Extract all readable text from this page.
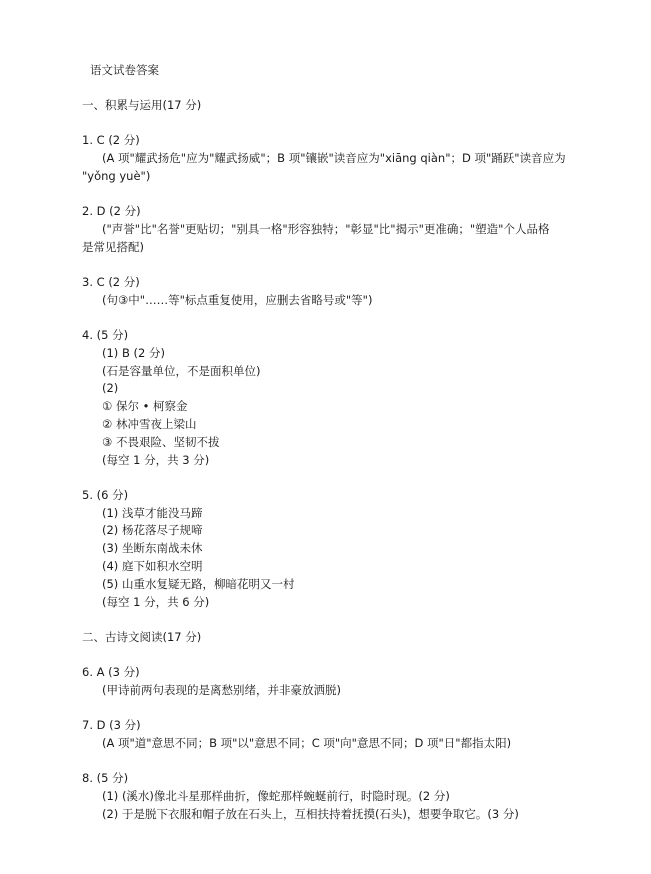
语文试卷答案
一、积累与运用(17 分)
1. C (2 分)
(A 项"耀武扬危"应为"耀武扬威"；B 项"镶嵌"读音应为"xiāng qiàn"；D 项"踊跃"读音应为
"yǒng yuè")
2. D (2 分)
("声誉"比"名誉"更贴切；"别具一格"形容独特；"彰显"比"揭示"更准确；"塑造"个人品格
是常见搭配)
3. C (2 分)
(句③中"……等"标点重复使用，应删去省略号或"等")
4. (5 分)
(1) B (2 分)
(石是容量单位，不是面积单位)
(2)
① 保尔 • 柯察金
② 林冲雪夜上梁山
③ 不畏艰险、坚韧不拔
(每空 1 分，共 3 分)
5. (6 分)
(1) 浅草才能没马蹄
(2) 杨花落尽子规啼
(3) 坐断东南战未休
(4) 庭下如积水空明
(5) 山重水复疑无路，柳暗花明又一村
(每空 1 分，共 6 分)
二、古诗文阅读(17 分)
6. A (3 分)
(甲诗前两句表现的是离愁别绪，并非豪放洒脱)
7. D (3 分)
(A 项"道"意思不同；B 项"以"意思不同；C 项"向"意思不同；D 项"日"都指太阳)
8. (5 分)
(1) (溪水)像北斗星那样曲折，像蛇那样蜿蜒前行，时隐时现。(2 分)
(2) 于是脱下衣服和帽子放在石头上，互相扶持着抚摸(石头)，想要争取它。(3 分)
